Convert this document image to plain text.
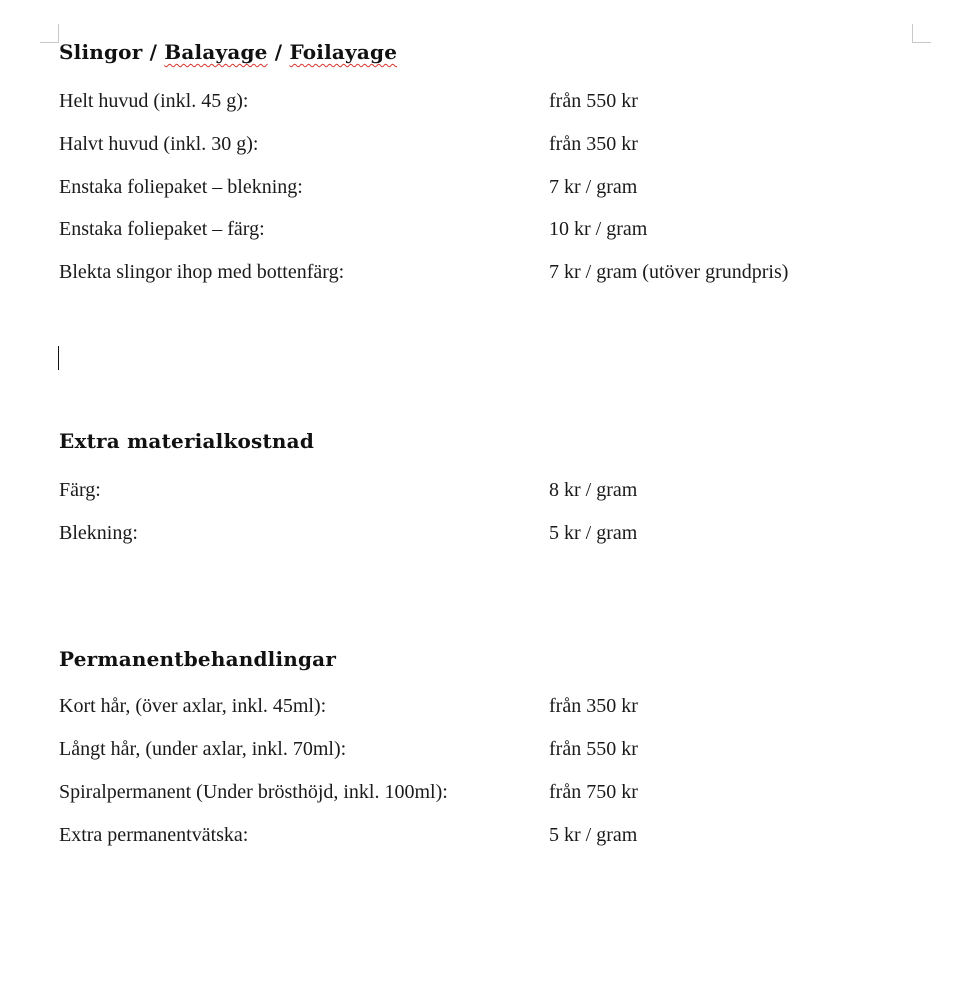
Slingor / Balayage / Foilayage
Helt huvud (inkl. 45 g):	från 550 kr
Halvt huvud (inkl. 30 g):	från 350 kr
Enstaka foliepaket – blekning:	7 kr / gram
Enstaka foliepaket – färg:	10 kr / gram
Blekta slingor ihop med bottenfärg:	7 kr / gram (utöver grundpris)
Extra materialkostnad
Färg:	8 kr / gram
Blekning:	5 kr / gram
Permanentbehandlingar
Kort hår, (över axlar, inkl. 45ml):	från 350 kr
Långt hår, (under axlar, inkl. 70ml):	från 550 kr
Spiralpermanent (Under brösthöjd, inkl. 100ml):	från 750 kr
Extra permanentvätska:	5 kr / gram
